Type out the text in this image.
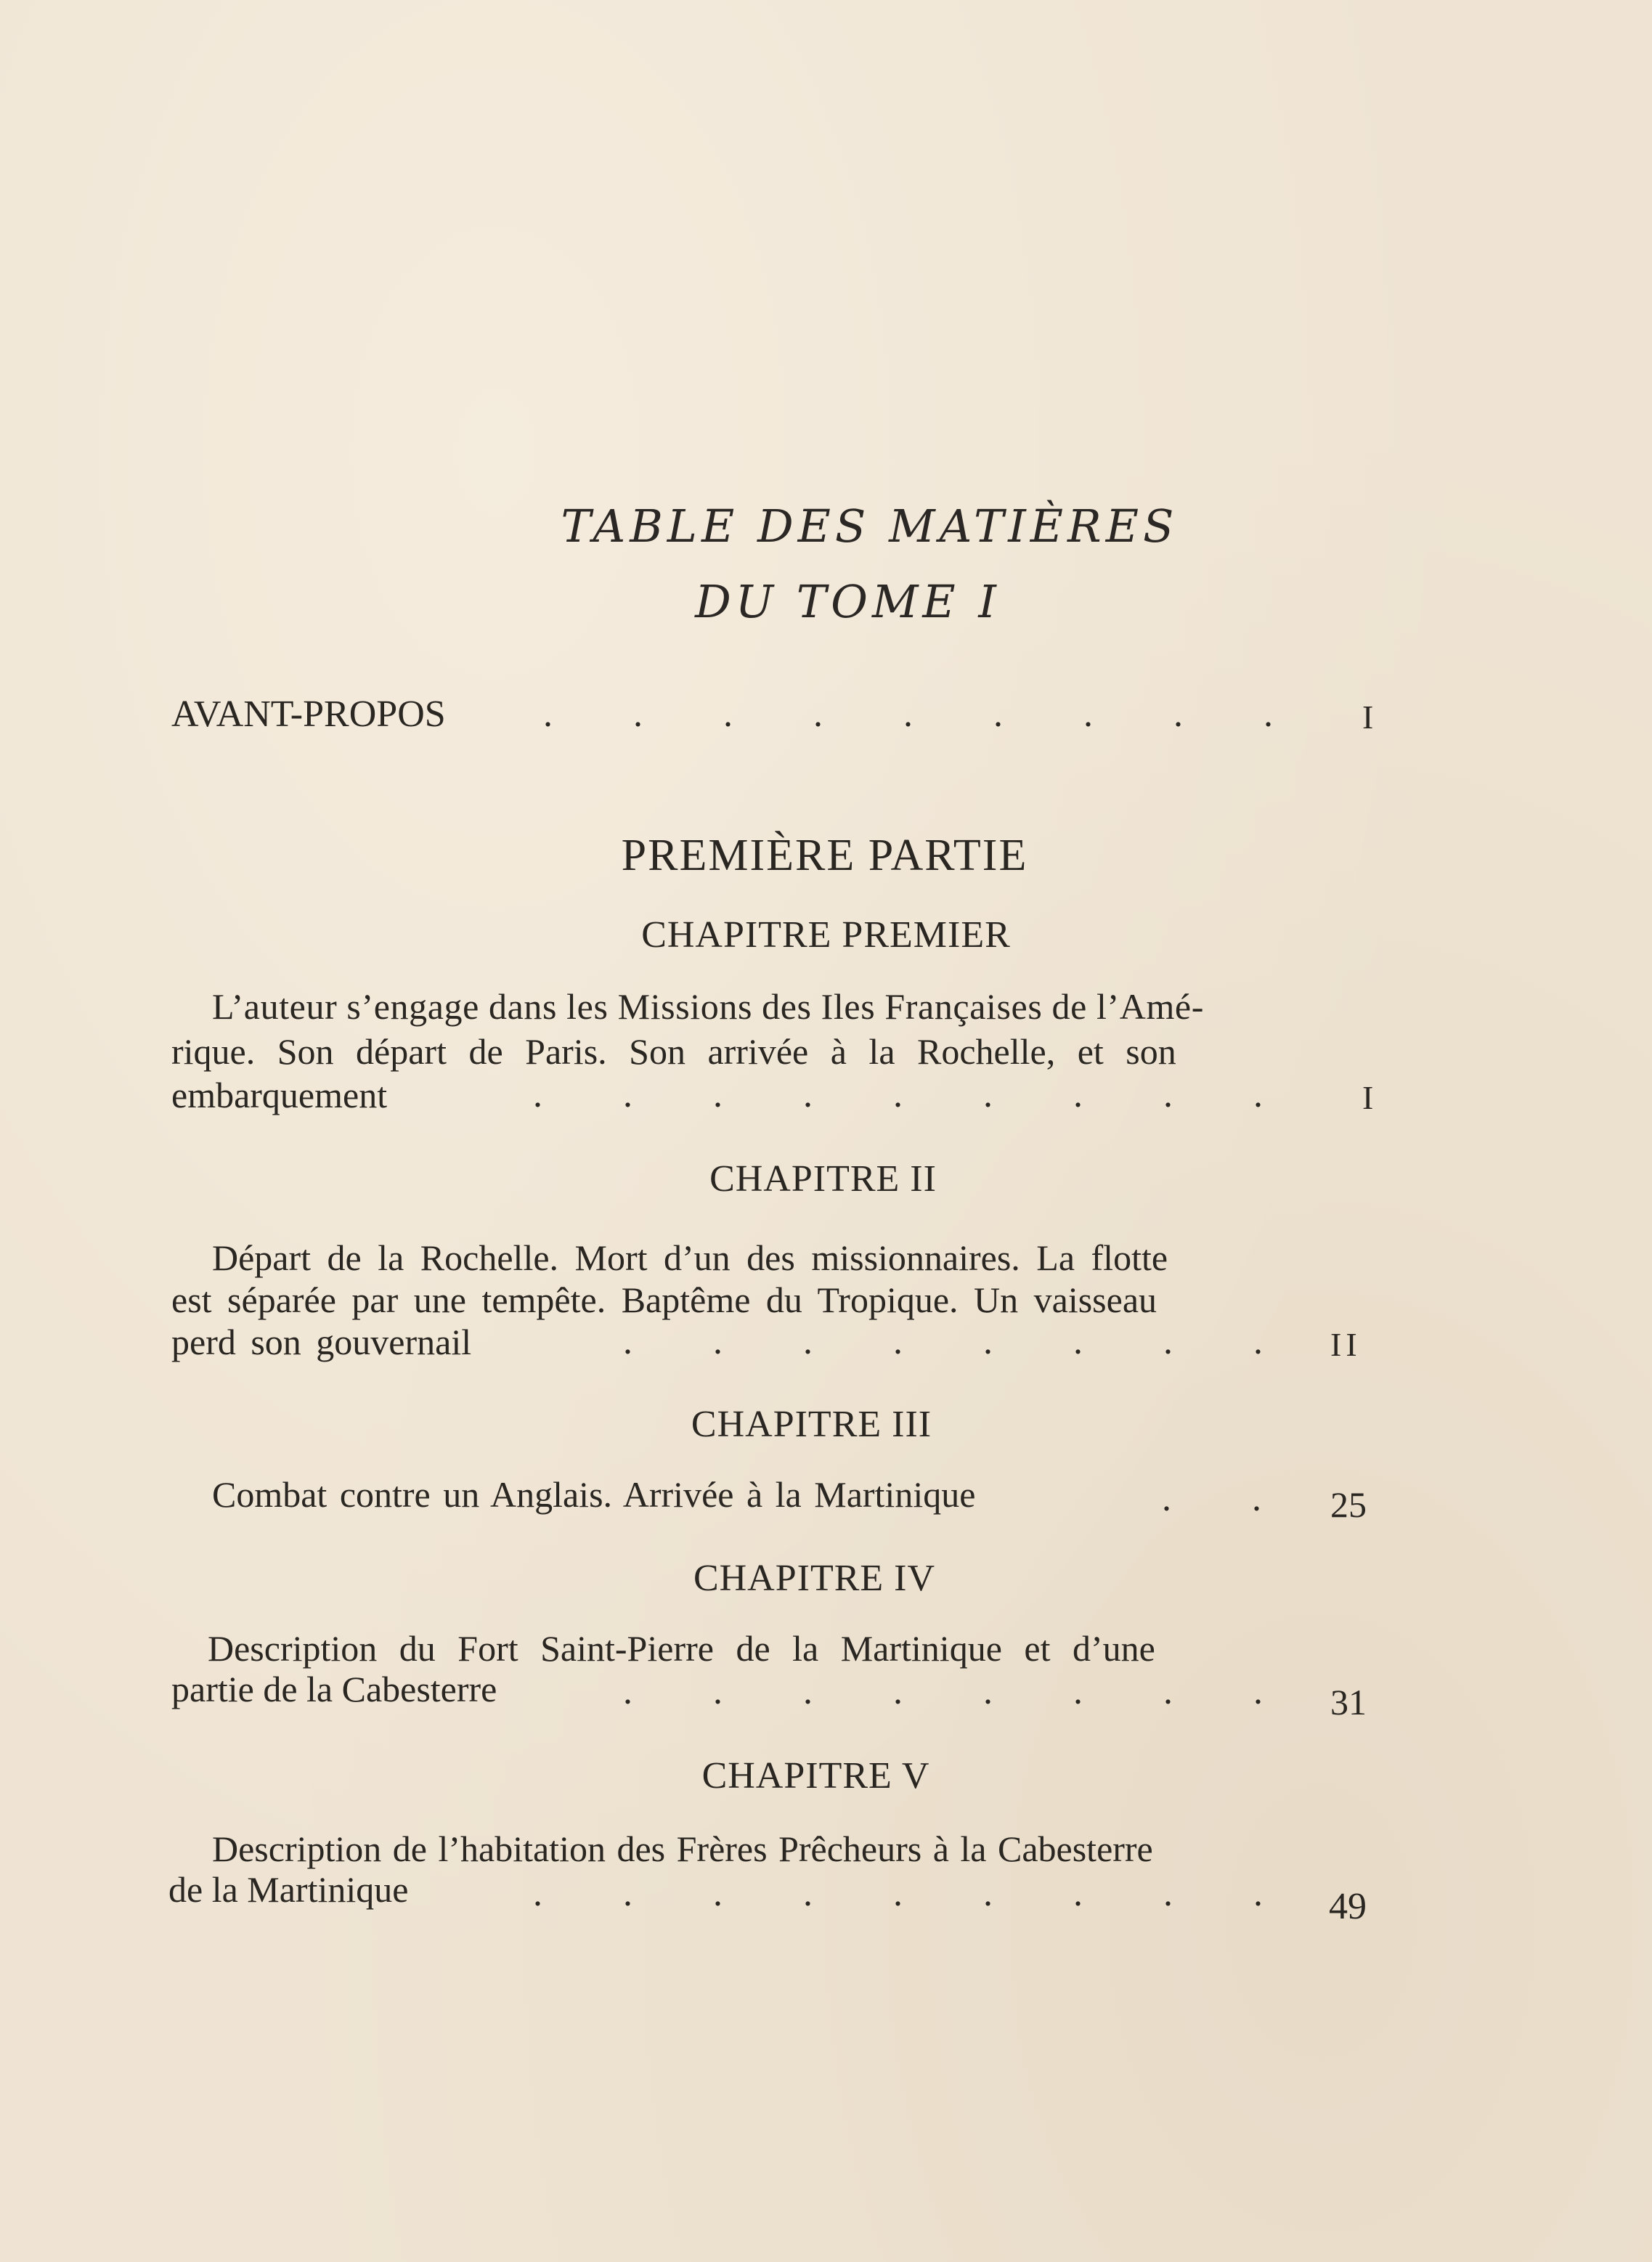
TABLE DES MATIÈRES
DU TOME I
AVANT-PROPOS	. . . . . . . . . I
PREMIÈRE PARTIE
CHAPITRE PREMIER
L’auteur s’engage dans les Missions des Iles Françaises de l’Amé-
rique. Son départ de Paris. Son arrivée à la Rochelle, et son
embarquement	. . . . . . . . . I
CHAPITRE II
Départ de la Rochelle. Mort d’un des missionnaires. La flotte
est séparée par une tempête. Baptême du Tropique. Un vaisseau
perd son gouvernail	. . . . . . . . II
CHAPITRE III
Combat contre un Anglais. Arrivée à la Martinique	. . 25
CHAPITRE IV
Description du Fort Saint-Pierre de la Martinique et d’une
partie de la Cabesterre	. . . . . . . . 31
CHAPITRE V
Description de l’habitation des Frères Prêcheurs à la Cabesterre
de la Martinique	. . . . . . . . . 49
